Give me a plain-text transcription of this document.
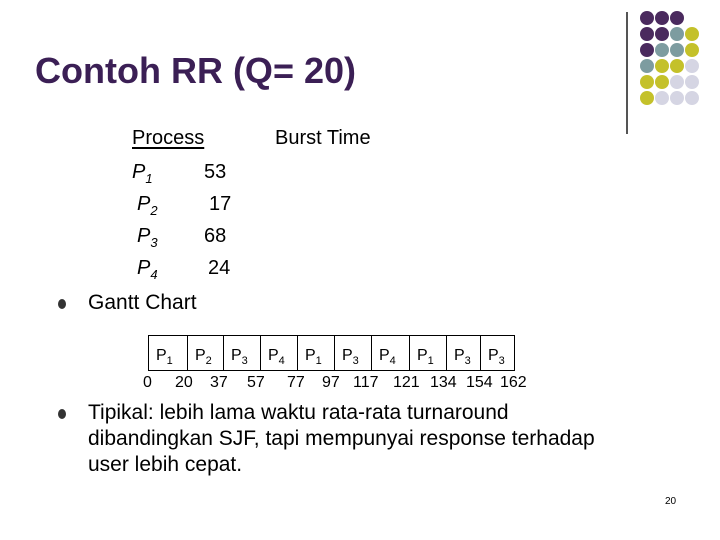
Contoh RR (Q= 20)
Process	Burst Time
$P_1$	53
$P_2$	17
$P_3$ 68
$P_4$	24
Gantt Chart
$P_1$	$P_2$	$P_3$	$P_4$	$P_1$	$P_3$	$P_4$	$P_1$	$P_3$	$P_3$
0 20 37 57 77 97 117 121 134 154 162
Tipikal: lebih lama waktu rata-rata turnaround
dibandingkan SJF, tapi mempunyai response terhadap
user lebih cepat.
20
